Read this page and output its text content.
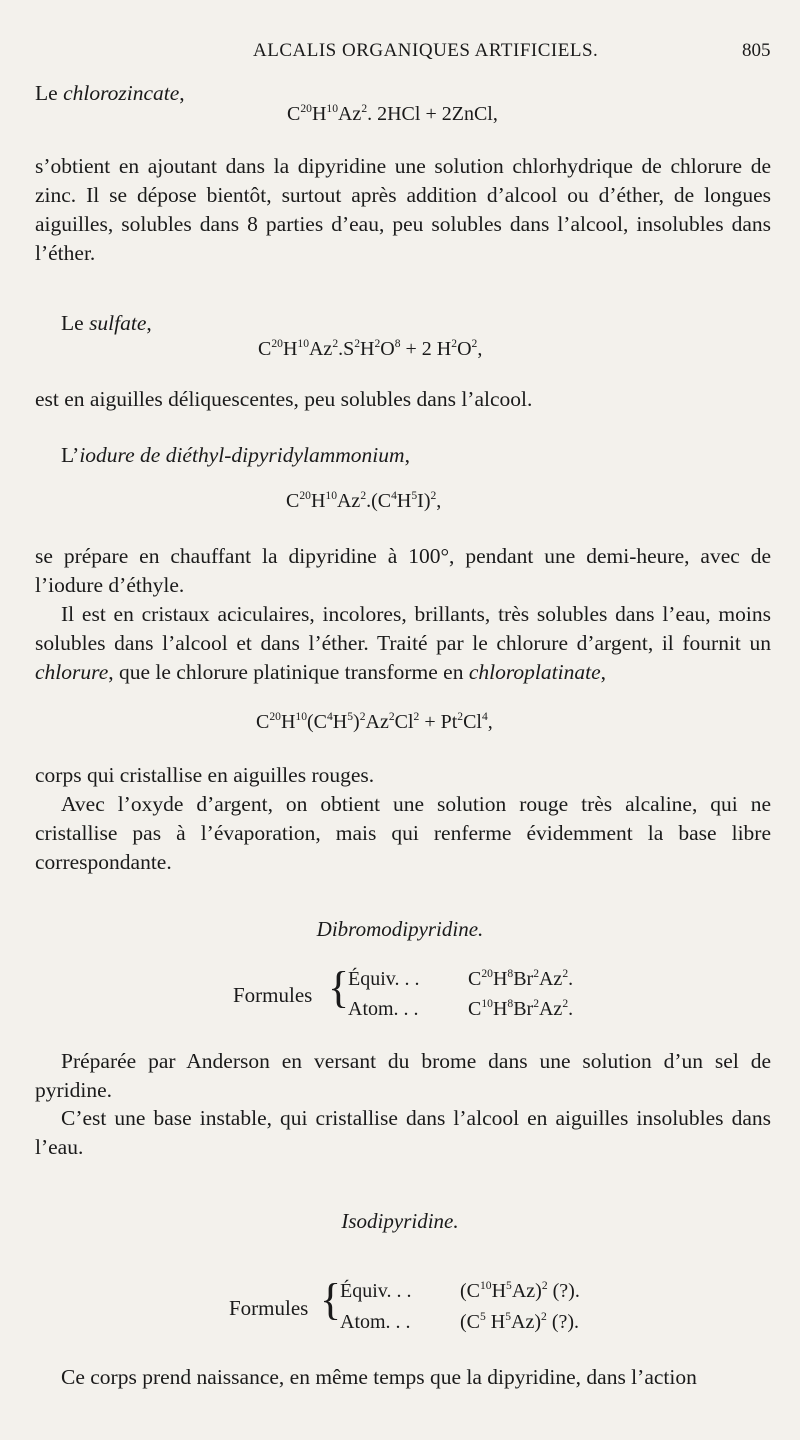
ALCALIS ORGANIQUES ARTIFICIELS.	805
Le chlorozincate,
$C^{20}H^{10}Az^2$. 2HCl + 2ZnCl,
s’obtient en ajoutant dans la dipyridine une solution chlorhydrique de chlorure de zinc. Il se dépose bientôt, surtout après addition d’alcool ou d’éther, de longues aiguilles, solubles dans 8 parties d’eau, peu solubles dans l’alcool, insolubles dans l’éther.
Le sulfate,
$C^{20}H^{10}Az^2.S^2H^2O^8 + 2$ $H^2O^2$,
est en aiguilles déliquescentes, peu solubles dans l’alcool.
L’iodure de diéthyl-dipyridylammonium,
$C^{20}H^{10}Az^2.(C^4H^5I)^2$,
se prépare en chauffant la dipyridine à 100°, pendant une demi-heure, avec de l’iodure d’éthyle.
Il est en cristaux aciculaires, incolores, brillants, très solubles dans l’eau, moins solubles dans l’alcool et dans l’éther. Traité par le chlorure d’argent, il fournit un chlorure, que le chlorure platinique transforme en chloroplatinate,
$C^{20}H^{10}(C^4H^5)^2Az^2Cl^2 + Pt^2Cl^4$,
corps qui cristallise en aiguilles rouges.
Avec l’oxyde d’argent, on obtient une solution rouge très alcaline, qui ne cristallise pas à l’évaporation, mais qui renferme évidemment la base libre correspondante.
Dibromodipyridine.
Formules {
Équiv. . . $C^{20}H^8Br^2Az^2$.
Atom. . . $C^{10}H^8Br^2Az^2$.
Préparée par Anderson en versant du brome dans une solution d’un sel de pyridine.
C’est une base instable, qui cristallise dans l’alcool en aiguilles insolubles dans l’eau.
Isodipyridine.
Formules {
Équiv. . . $(C^{10}H^5Az)^2$ (?).
Atom. . . ($C^5$ $H^5Az)^2$ (?).
Ce corps prend naissance, en même temps que la dipyridine, dans l’action
